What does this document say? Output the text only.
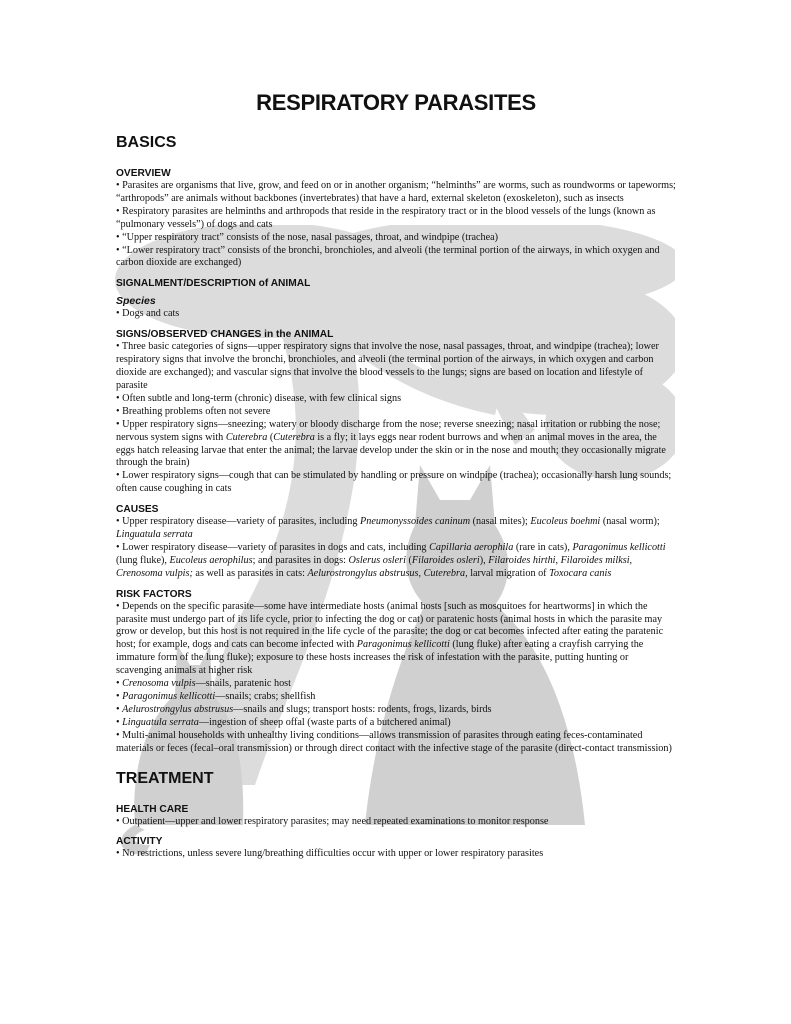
RESPIRATORY PARASITES
BASICS
OVERVIEW

• Parasites are organisms that live, grow, and feed on or in another organism; “helminths” are worms, such as roundworms or tapeworms; “arthropods” are animals without backbones (invertebrates) that have a hard, external skeleton (exoskeleton), such as insects

• Respiratory parasites are helminths and arthropods that reside in the respiratory tract or in the blood vessels of the lungs (known as “pulmonary vessels”) of dogs and cats

• “Upper respiratory tract” consists of the nose, nasal passages, throat, and windpipe (trachea)

• “Lower respiratory tract” consists of the bronchi, bronchioles, and alveoli (the terminal portion of the airways, in which oxygen and carbon dioxide are exchanged)

SIGNALMENT/DESCRIPTION of ANIMAL
Species

• Dogs and cats

SIGNS/OBSERVED CHANGES in the ANIMAL

• Three basic categories of signs—upper respiratory signs that involve the nose, nasal passages, throat, and windpipe (trachea); lower respiratory signs that involve the bronchi, bronchioles, and alveoli (the terminal portion of the airways, in which oxygen and carbon dioxide are exchanged); and vascular signs that involve the blood vessels to the lungs; signs are based on location and lifestyle of parasite

• Often subtle and long-term (chronic) disease, with few clinical signs

• Breathing problems often not severe

• Upper respiratory signs—sneezing; watery or bloody discharge from the nose; reverse sneezing; nasal irritation or rubbing the nose; nervous system signs with Cuterebra (Cuterebra is a fly; it lays eggs near rodent burrows and when an animal moves in the area, the eggs hatch releasing larvae that enter the animal; the larvae develop under the skin or in the nose and mouth; they occasionally migrate through the brain)

• Lower respiratory signs—cough that can be stimulated by handling or pressure on windpipe (trachea); occasionally harsh lung sounds; often cause coughing in cats

CAUSES

• Upper respiratory disease—variety of parasites, including Pneumonyssoides caninum (nasal mites); Eucoleus boehmi (nasal worm); Linguatula serrata

• Lower respiratory disease—variety of parasites in dogs and cats, including Capillaria aerophila (rare in cats), Paragonimus kellicotti (lung fluke), Eucoleus aerophilus; and parasites in dogs: Oslerus osleri (Filaroides osleri), Filaroides hirthi, Filaroides milksi, Crenosoma vulpis; as well as parasites in cats: Aelurostrongylus abstrusus, Cuterebra, larval migration of Toxocara canis

RISK FACTORS

• Depends on the specific parasite—some have intermediate hosts (animal hosts [such as mosquitoes for heartworms] in which the parasite must undergo part of its life cycle, prior to infecting the dog or cat) or paratenic hosts (animal hosts in which the parasite may grow or develop, but this host is not required in the life cycle of the parasite; the dog or cat becomes infected after eating the paratenic host; for example, dogs and cats can become infected with Paragonimus kellicotti (lung fluke) after eating a crayfish carrying the immature form of the lung fluke); exposure to these hosts increases the risk of infestation with the parasite, putting hunting or scavenging animals at higher risk

• Crenosoma vulpis—snails, paratenic host

• Paragonimus kellicotti—snails; crabs; shellfish

• Aelurostrongylus abstrusus—snails and slugs; transport hosts: rodents, frogs, lizards, birds

• Linguatula serrata—ingestion of sheep offal (waste parts of a butchered animal)

• Multi-animal households with unhealthy living conditions—allows transmission of parasites through eating feces-contaminated materials or feces (fecal–oral transmission) or through direct contact with the infective stage of the parasite (direct-contact transmission)

TREATMENT
HEALTH CARE

• Outpatient—upper and lower respiratory parasites; may need repeated examinations to monitor response

ACTIVITY

• No restrictions, unless severe lung/breathing difficulties occur with upper or lower respiratory parasites
